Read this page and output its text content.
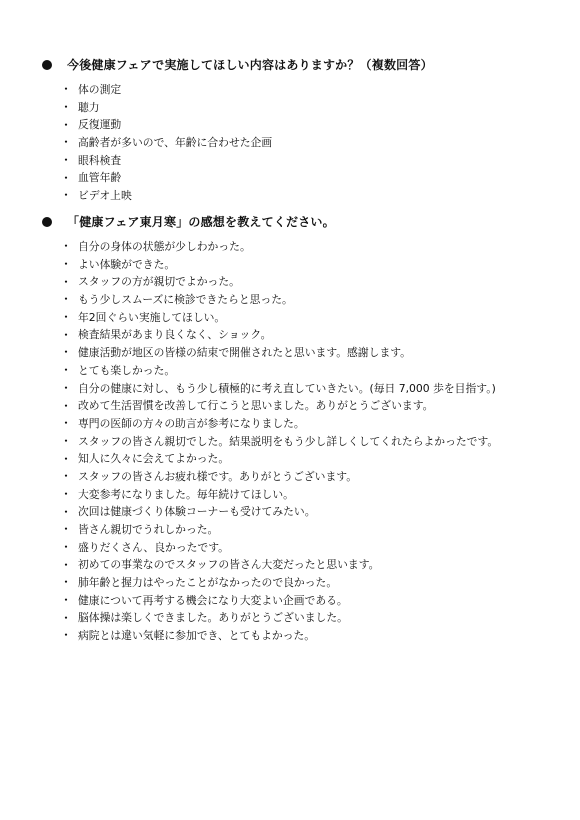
今後健康フェアで実施してほしい内容はありますか？（複数回答）
・ 体の測定
・ 聴力
・ 反復運動
・ 高齢者が多いので、年齢に合わせた企画
・ 眼科検査
・ 血管年齢
・ ビデオ上映
「健康フェア東月寒」の感想を教えてください。
・ 自分の身体の状態が少しわかった。
・ よい体験ができた。
・ スタッフの方が親切でよかった。
・ もう少しスムーズに検診できたらと思った。
・ 年2回ぐらい実施してほしい。
・ 検査結果があまり良くなく、ショック。
・ 健康活動が地区の皆様の結束で開催されたと思います。感謝します。
・ とても楽しかった。
・ 自分の健康に対し、もう少し積極的に考え直していきたい。(毎日 7,000 歩を目指す。)
・ 改めて生活習慣を改善して行こうと思いました。ありがとうございます。
・ 専門の医師の方々の助言が参考になりました。
・ スタッフの皆さん親切でした。結果説明をもう少し詳しくしてくれたらよかったです。
・ 知人に久々に会えてよかった。
・ スタッフの皆さんお疲れ様です。ありがとうございます。
・ 大変参考になりました。毎年続けてほしい。
・ 次回は健康づくり体験コーナーも受けてみたい。
・ 皆さん親切でうれしかった。
・ 盛りだくさん、良かったです。
・ 初めての事業なのでスタッフの皆さん大変だったと思います。
・ 肺年齢と握力はやったことがなかったので良かった。
・ 健康について再考する機会になり大変よい企画である。
・ 脳体操は楽しくできました。ありがとうございました。
・ 病院とは違い気軽に参加でき、とてもよかった。
